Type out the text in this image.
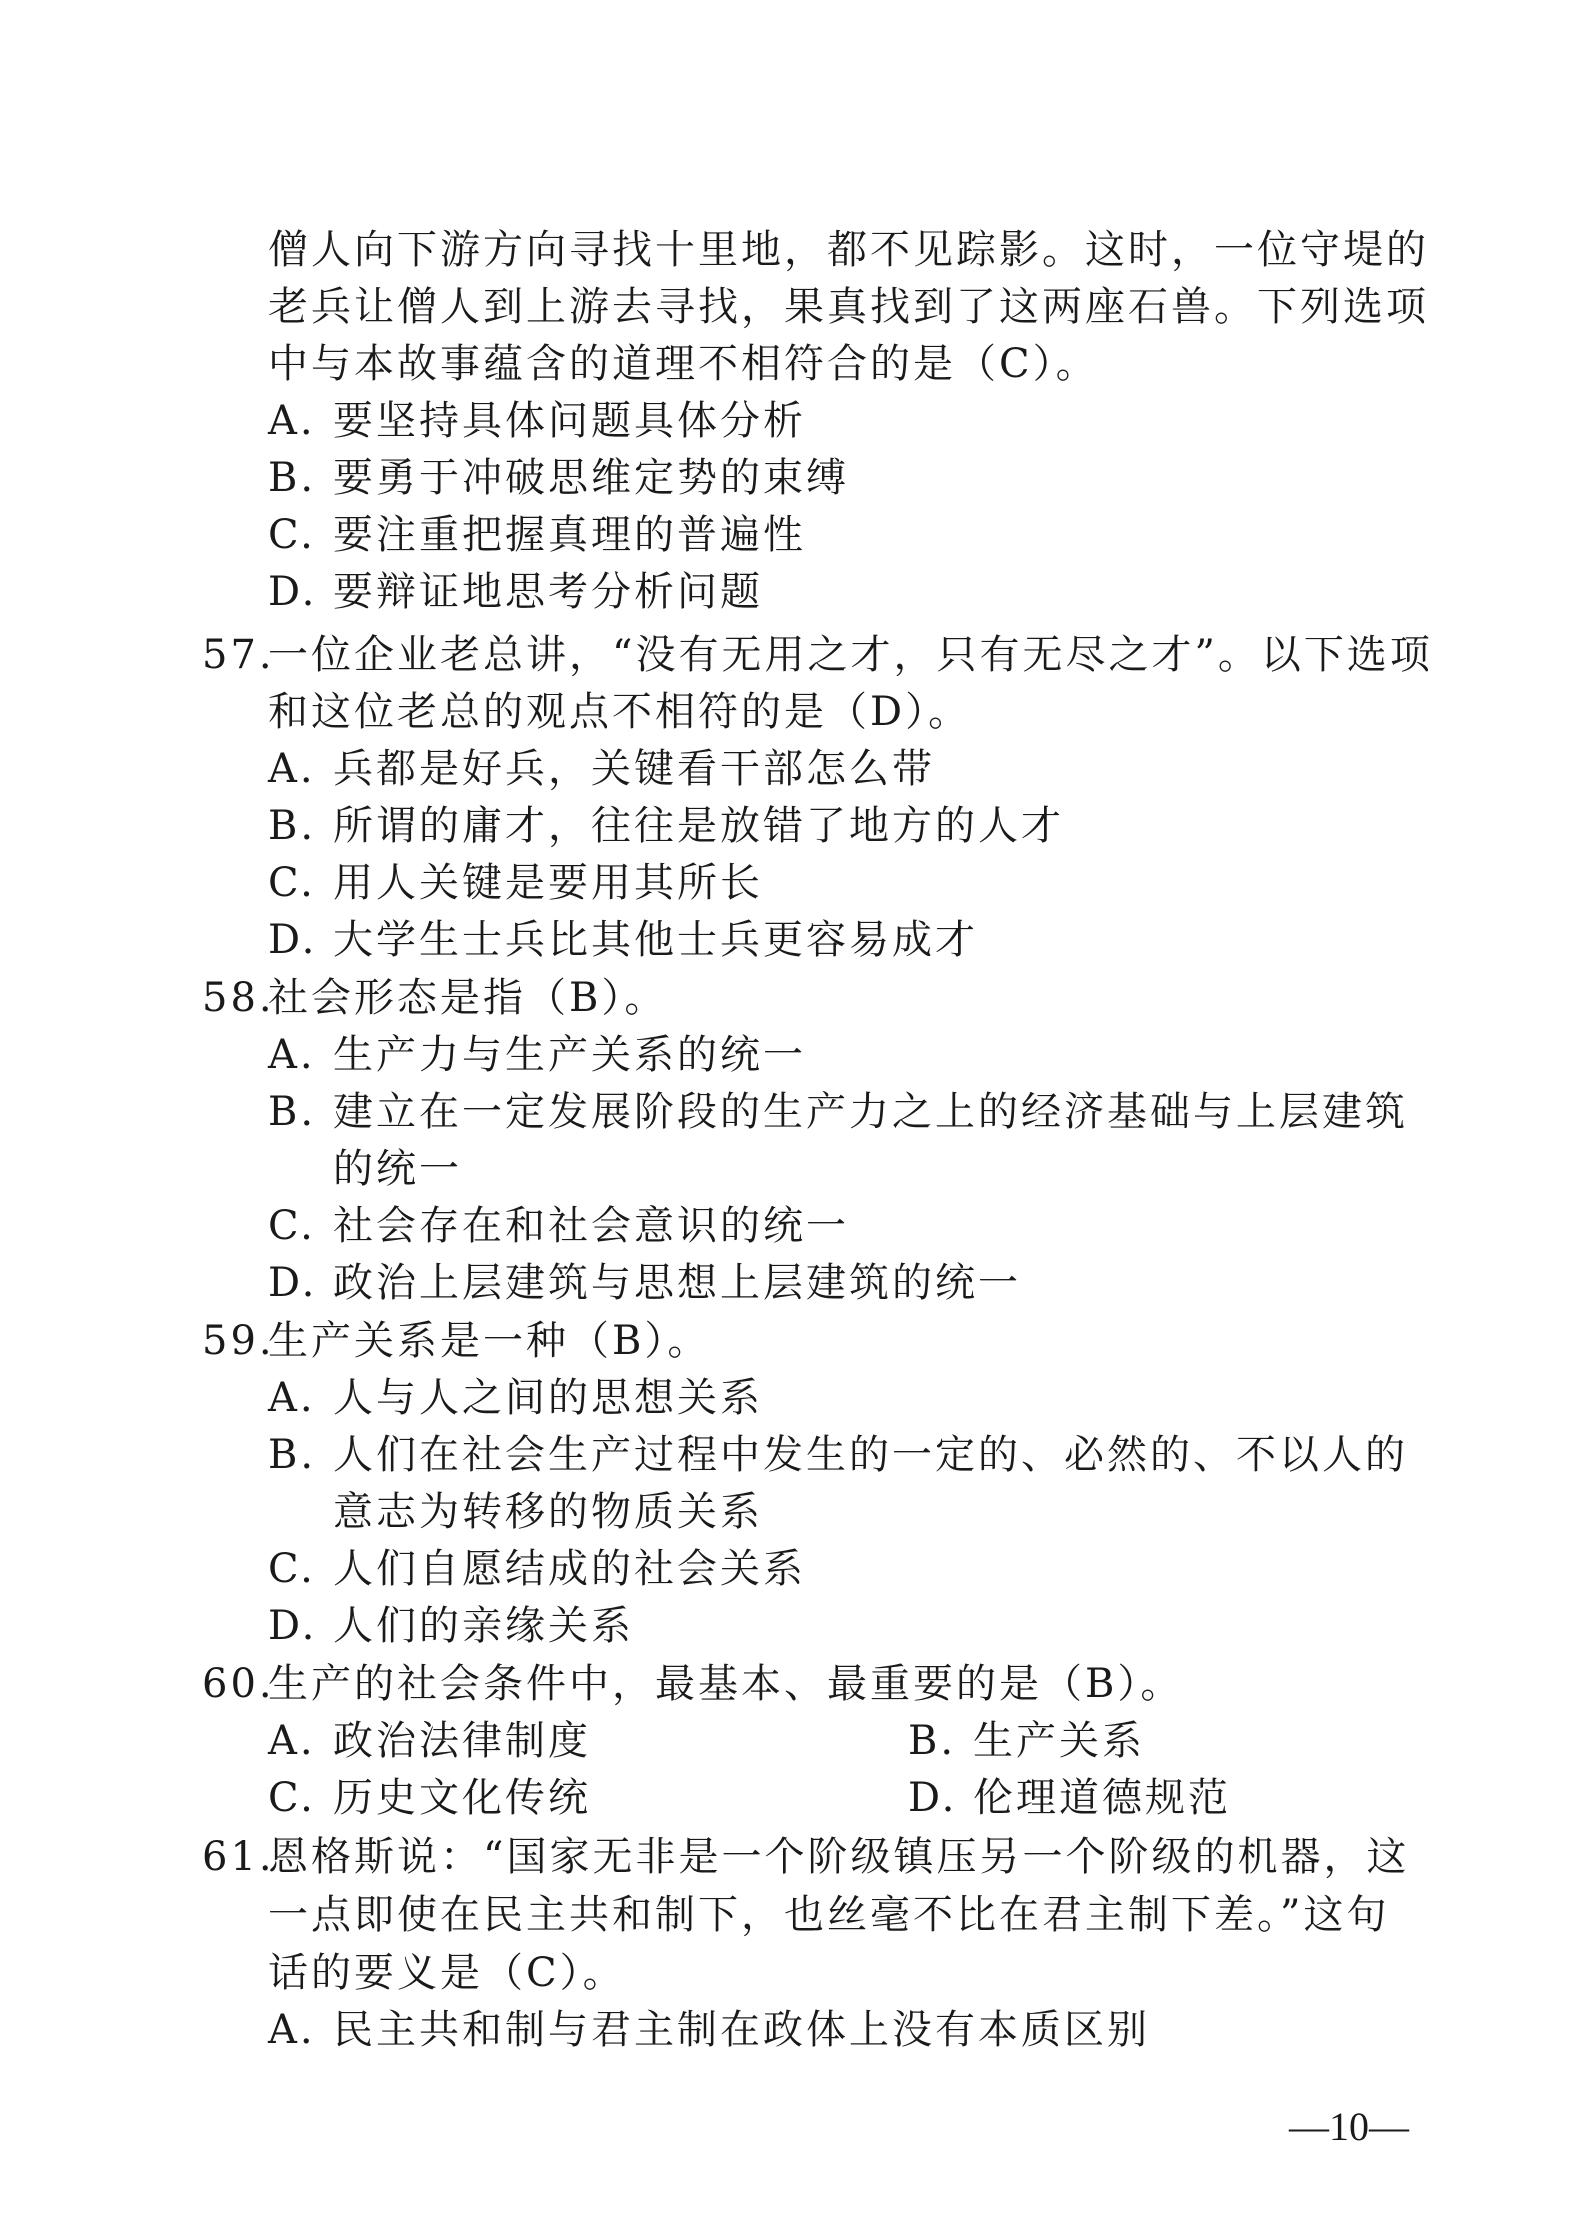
僧人向下游方向寻找十里地，都不见踪影。这时，一位守堤的
老兵让僧人到上游去寻找，果真找到了这两座石兽。下列选项
中与本故事蕴含的道理不相符合的是（C）。
A. 要坚持具体问题具体分析
B. 要勇于冲破思维定势的束缚
C. 要注重把握真理的普遍性
D. 要辩证地思考分析问题
57.
一位企业老总讲，“没有无用之才，只有无尽之才”。以下选项
和这位老总的观点不相符的是（D）。
A. 兵都是好兵，关键看干部怎么带
B. 所谓的庸才，往往是放错了地方的人才
C. 用人关键是要用其所长
D. 大学生士兵比其他士兵更容易成才
58.
社会形态是指（B）。
A. 生产力与生产关系的统一
B. 建立在一定发展阶段的生产力之上的经济基础与上层建筑
的统一
C. 社会存在和社会意识的统一
D. 政治上层建筑与思想上层建筑的统一
59.
生产关系是一种（B）。
A. 人与人之间的思想关系
B. 人们在社会生产过程中发生的一定的、必然的、不以人的
意志为转移的物质关系
C. 人们自愿结成的社会关系
D. 人们的亲缘关系
60.
生产的社会条件中，最基本、最重要的是（B）。
A. 政治法律制度	B. 生产关系
C. 历史文化传统	D. 伦理道德规范
61.
恩格斯说：“国家无非是一个阶级镇压另一个阶级的机器，这
一点即使在民主共和制下，也丝毫不比在君主制下差。”这句
话的要义是（C）。
A. 民主共和制与君主制在政体上没有本质区别
—10—
